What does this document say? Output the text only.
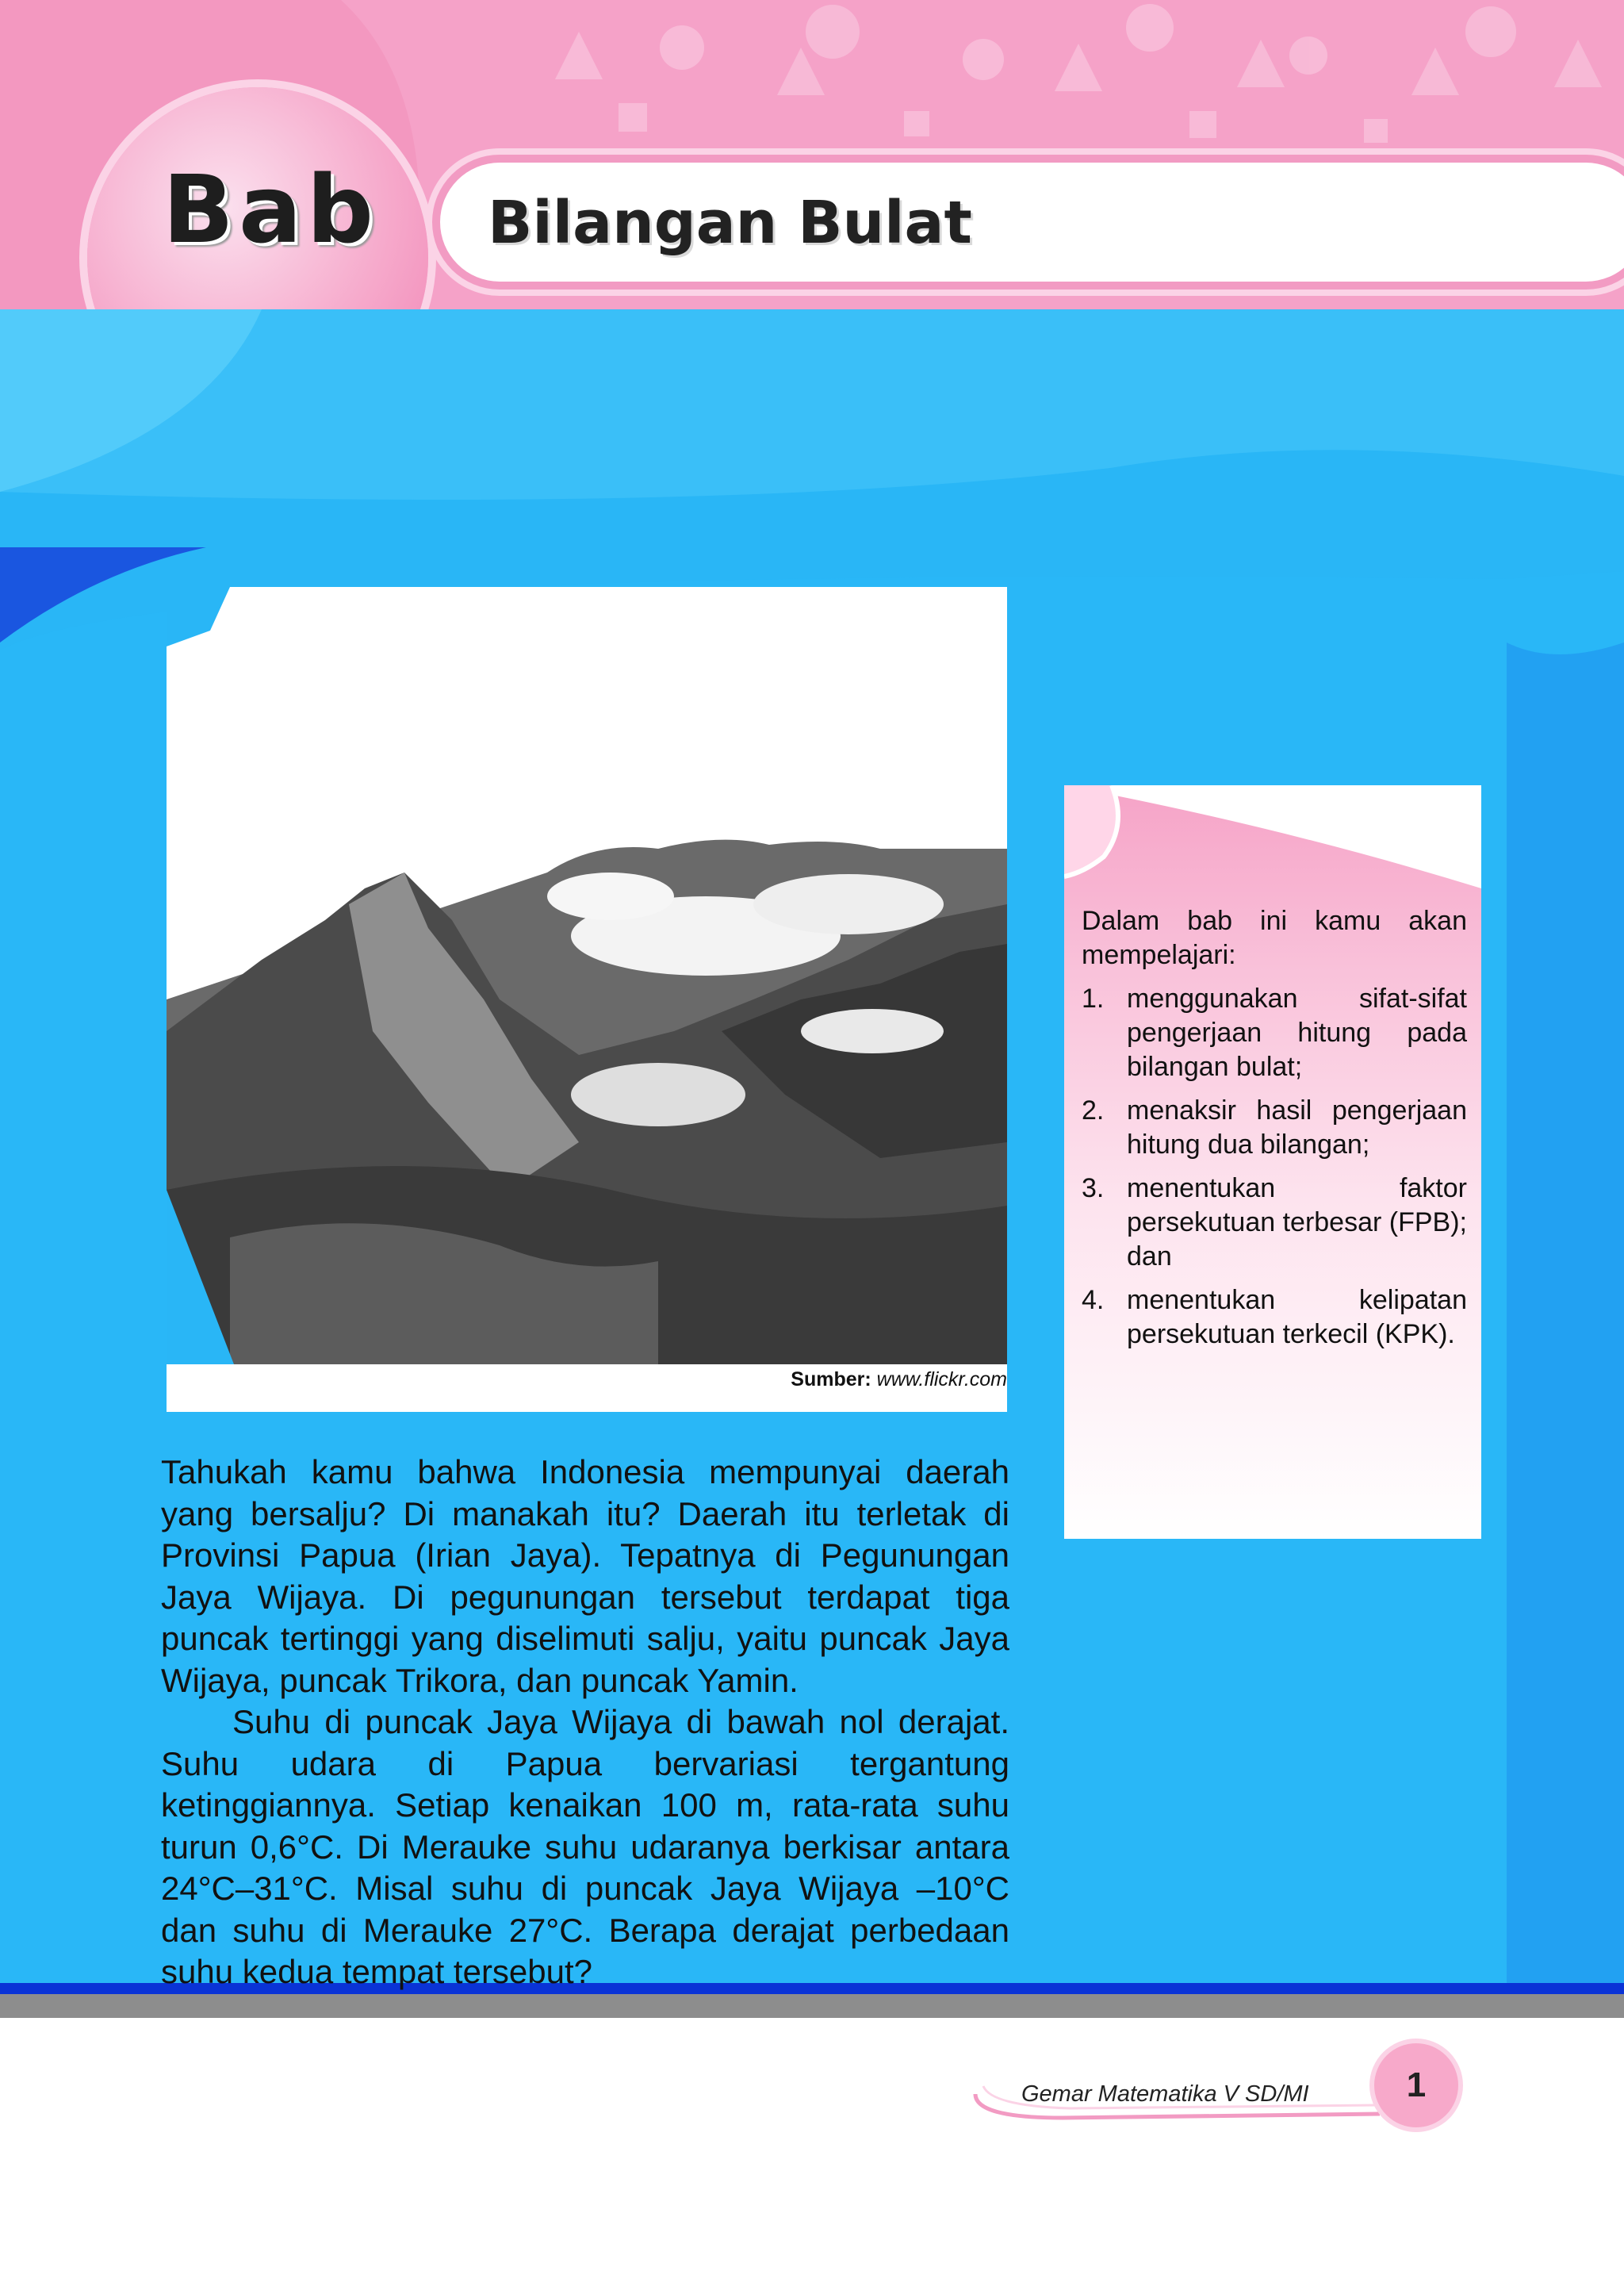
Bab Bilangan Bulat
Sumber: www.flickr.com

Tahukah kamu bahwa Indonesia mempunyai daerah yang bersalju? Di manakah itu? Daerah itu terletak di Provinsi Papua (Irian Jaya). Tepatnya di Pegunungan Jaya Wijaya. Di pegunungan tersebut terdapat tiga puncak tertinggi yang diselimuti salju, yaitu puncak Jaya Wijaya, puncak Trikora, dan puncak Yamin.

Suhu di puncak Jaya Wijaya di bawah nol derajat. Suhu udara di Papua bervariasi tergantung ketinggiannya. Setiap kenaikan 100 m, rata-rata suhu turun 0,6°C. Di Merauke suhu udaranya berkisar antara 24°C–31°C. Misal suhu di puncak Jaya Wijaya –10°C dan suhu di Merauke 27°C. Berapa derajat perbedaan suhu kedua tempat tersebut?

Dalam bab ini kamu akan mempelajari:

1. menggunakan sifat-sifat pengerjaan hitung pada bilangan bulat;
2. menaksir hasil pengerjaan hitung dua bilangan;
3. menentukan faktor persekutuan terbesar (FPB); dan
4. menentukan kelipatan persekutuan terkecil (KPK).
Gemar Matematika V SD/MI	1
